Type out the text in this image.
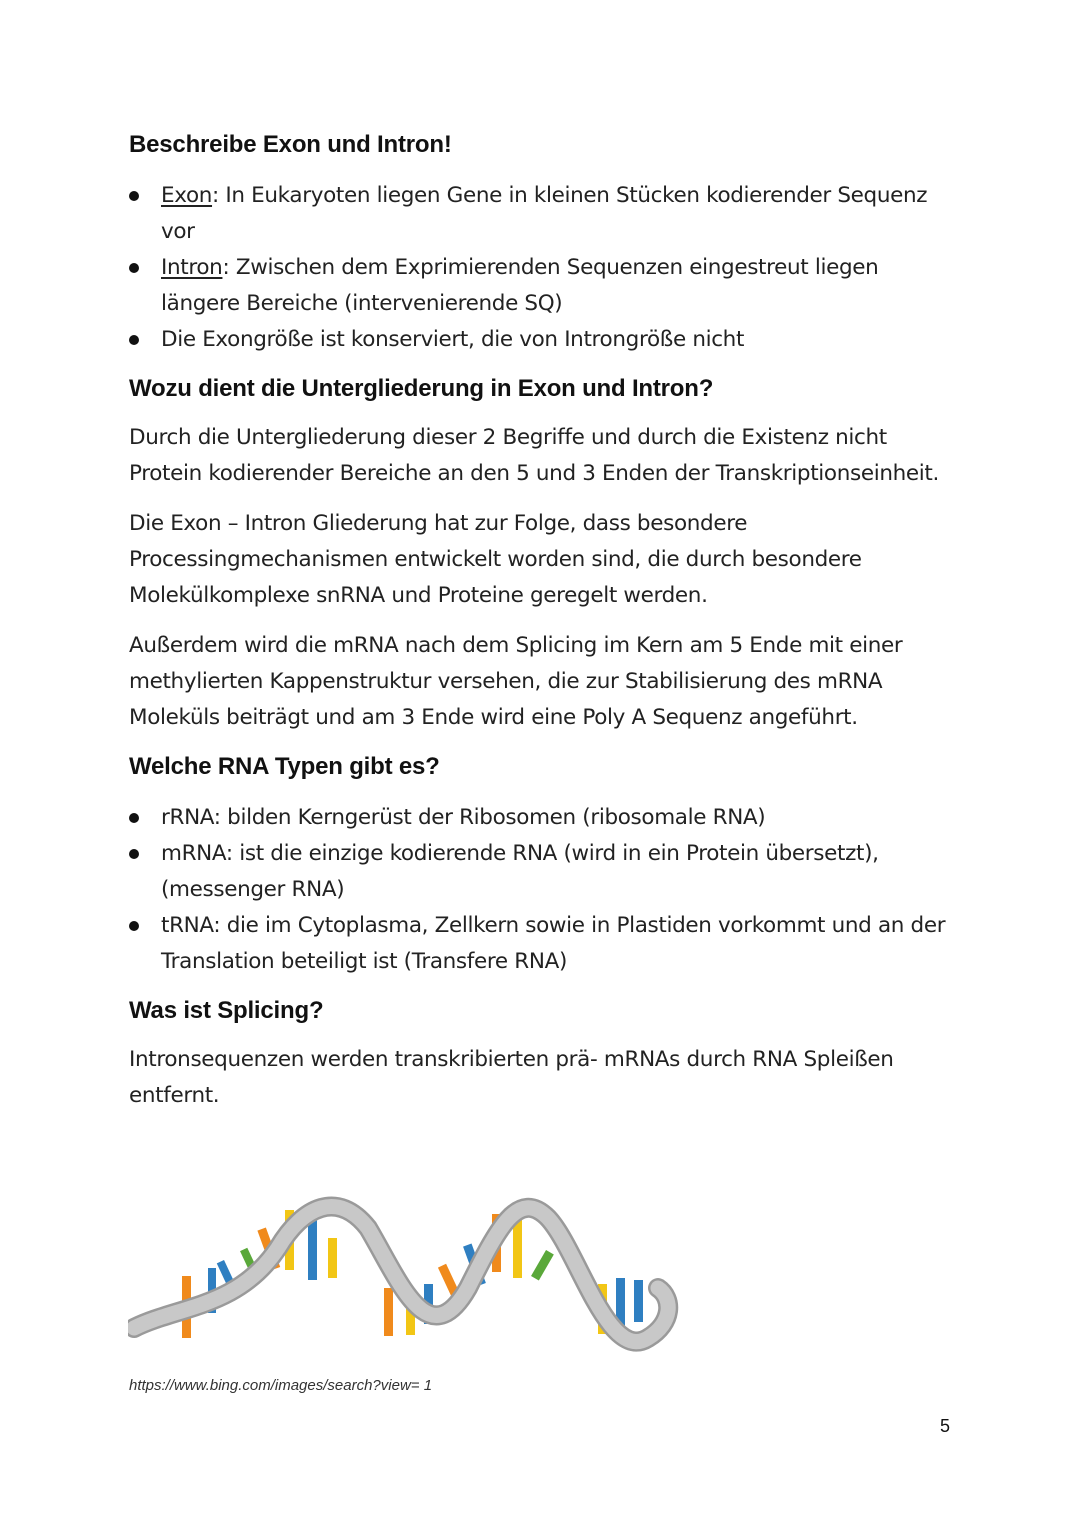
Beschreibe Exon und Intron!
Exon: In Eukaryoten liegen Gene in kleinen Stücken kodierender Sequenz vor
Intron: Zwischen dem Exprimierenden Sequenzen eingestreut liegen längere Bereiche (intervenierende SQ)
Die Exongröße ist konserviert, die von Introngröße nicht
Wozu dient die Untergliederung in Exon und Intron?

Durch die Untergliederung dieser 2 Begriffe und durch die Existenz nicht Protein kodierender Bereiche an den 5 und 3 Enden der Transkriptionseinheit.

Die Exon – Intron Gliederung hat zur Folge, dass besondere Processingmechanismen entwickelt worden sind, die durch besondere Molekülkomplexe snRNA und Proteine geregelt werden.

Außerdem wird die mRNA nach dem Splicing im Kern am 5 Ende mit einer methylierten Kappenstruktur versehen, die zur Stabilisierung des mRNA Moleküls beiträgt und am 3 Ende wird eine Poly A Sequenz angeführt.

Welche RNA Typen gibt es?
rRNA: bilden Kerngerüst der Ribosomen (ribosomale RNA)
mRNA: ist die einzige kodierende RNA (wird in ein Protein übersetzt), (messenger RNA)
tRNA: die im Cytoplasma, Zellkern sowie in Plastiden vorkommt und an der Translation beteiligt ist (Transfere RNA)
Was ist Splicing?

Intronsequenzen werden transkribierten prä- mRNAs durch RNA Spleißen entfernt.

https://www.bing.com/images/search?view= 1
5
